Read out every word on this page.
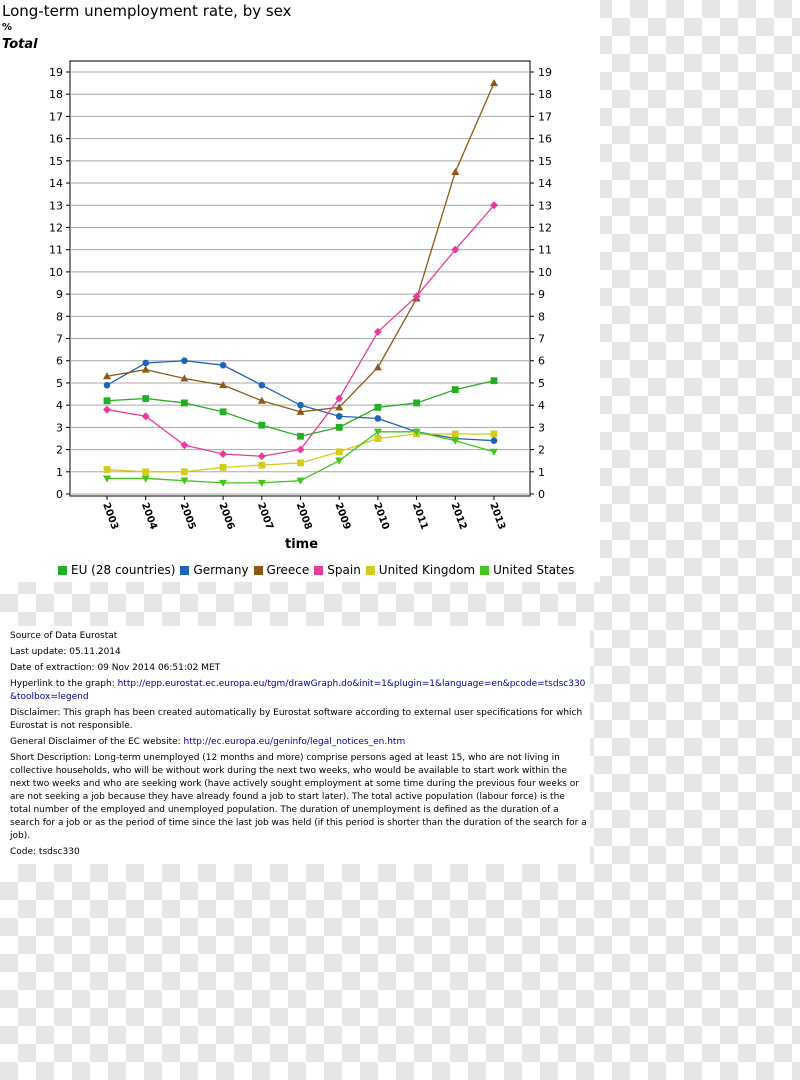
Long-term unemployment rate, by sex
%
Total
0	0
1	1
2	2
3	3
4	4
5	5
6	6
7	7
8	8
9	9
10	10
11	11
12	12
13	13
14	14
15	15
16	16
17	17
18	18
19	19
2003 2004 2005 2006 2007 2008 2009 2010 2011 2012 2013
time
EU (28 countries) Germany Greece Spain United Kingdom United States

Source of Data Eurostat

Last update: 05.11.2014

Date of extraction: 09 Nov 2014 06:51:02 MET

Hyperlink to the graph: http://epp.eurostat.ec.europa.eu/tgm/drawGraph.do&init=1&plugin=1&language=en&pcode=tsdsc330&toolbox=legend

Disclaimer: This graph has been created automatically by Eurostat software according to external user specifications for which Eurostat is not responsible.

General Disclaimer of the EC website: http://ec.europa.eu/geninfo/legal_notices_en.htm

Short Description: Long-term unemployed (12 months and more) comprise persons aged at least 15, who are not living in collective households, who will be without work during the next two weeks, who would be available to start work within the next two weeks and who are seeking work (have actively sought employment at some time during the previous four weeks or are not seeking a job because they have already found a job to start later). The total active population (labour force) is the total number of the employed and unemployed population. The duration of unemployment is defined as the duration of a search for a job or as the period of time since the last job was held (if this period is shorter than the duration of the search for a job).

Code: tsdsc330
